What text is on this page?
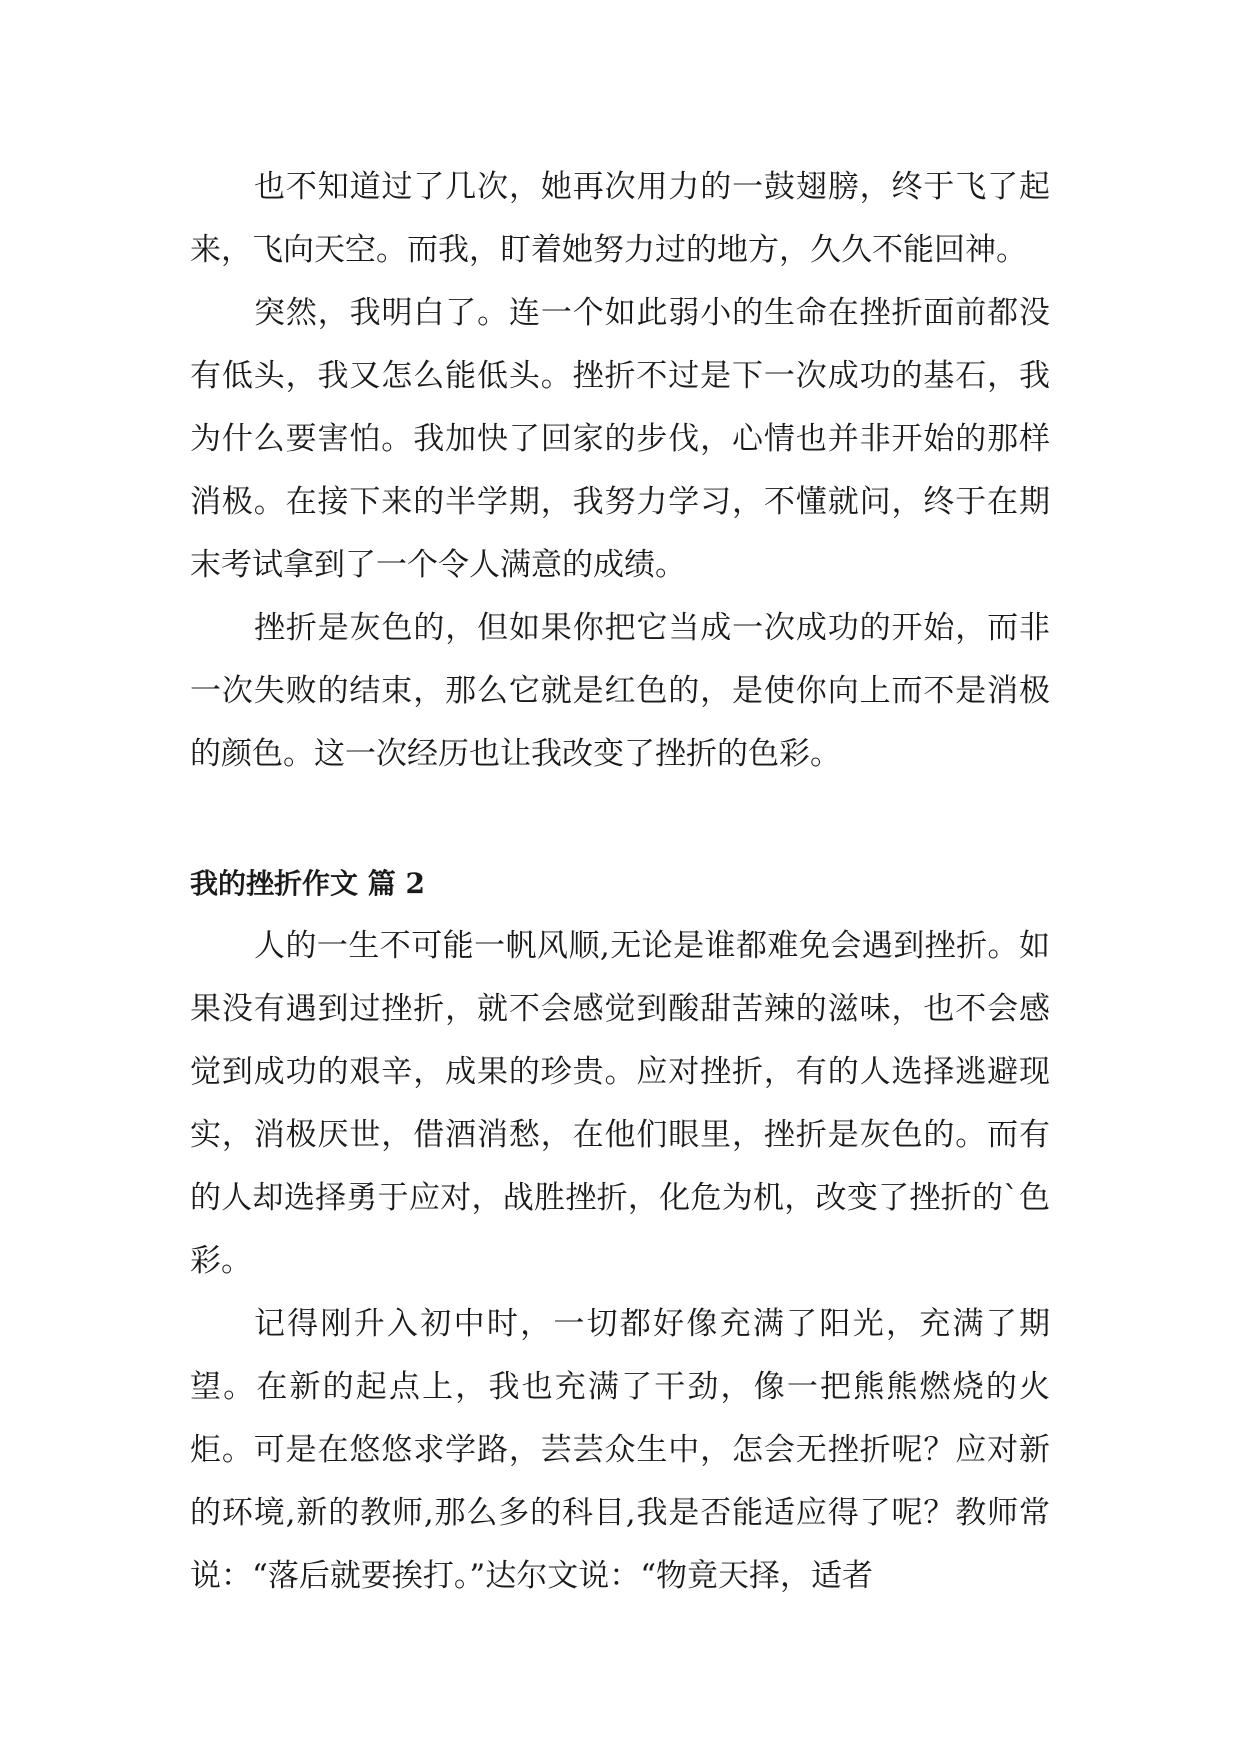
也不知道过了几次，她再次用力的一鼓翅膀，终于飞了起来，飞向天空。而我，盯着她努力过的地方，久久不能回神。

突然，我明白了。连一个如此弱小的生命在挫折面前都没有低头，我又怎么能低头。挫折不过是下一次成功的基石，我为什么要害怕。我加快了回家的步伐，心情也并非开始的那样消极。在接下来的半学期，我努力学习，不懂就问，终于在期末考试拿到了一个令人满意的成绩。

挫折是灰色的，但如果你把它当成一次成功的开始，而非一次失败的结束，那么它就是红色的，是使你向上而不是消极的颜色。这一次经历也让我改变了挫折的色彩。

我的挫折作文 篇 2

人的一生不可能一帆风顺,无论是谁都难免会遇到挫折。如果没有遇到过挫折，就不会感觉到酸甜苦辣的滋味，也不会感觉到成功的艰辛，成果的珍贵。应对挫折，有的人选择逃避现实，消极厌世，借酒消愁，在他们眼里，挫折是灰色的。而有的人却选择勇于应对，战胜挫折，化危为机，改变了挫折的`色彩。

记得刚升入初中时，一切都好像充满了阳光，充满了期望。在新的起点上，我也充满了干劲，像一把熊熊燃烧的火炬。可是在悠悠求学路，芸芸众生中，怎会无挫折呢？应对新的环境,新的教师,那么多的科目,我是否能适应得了呢？教师常说：“落后就要挨打。”达尔文说：“物竟天择，适者
